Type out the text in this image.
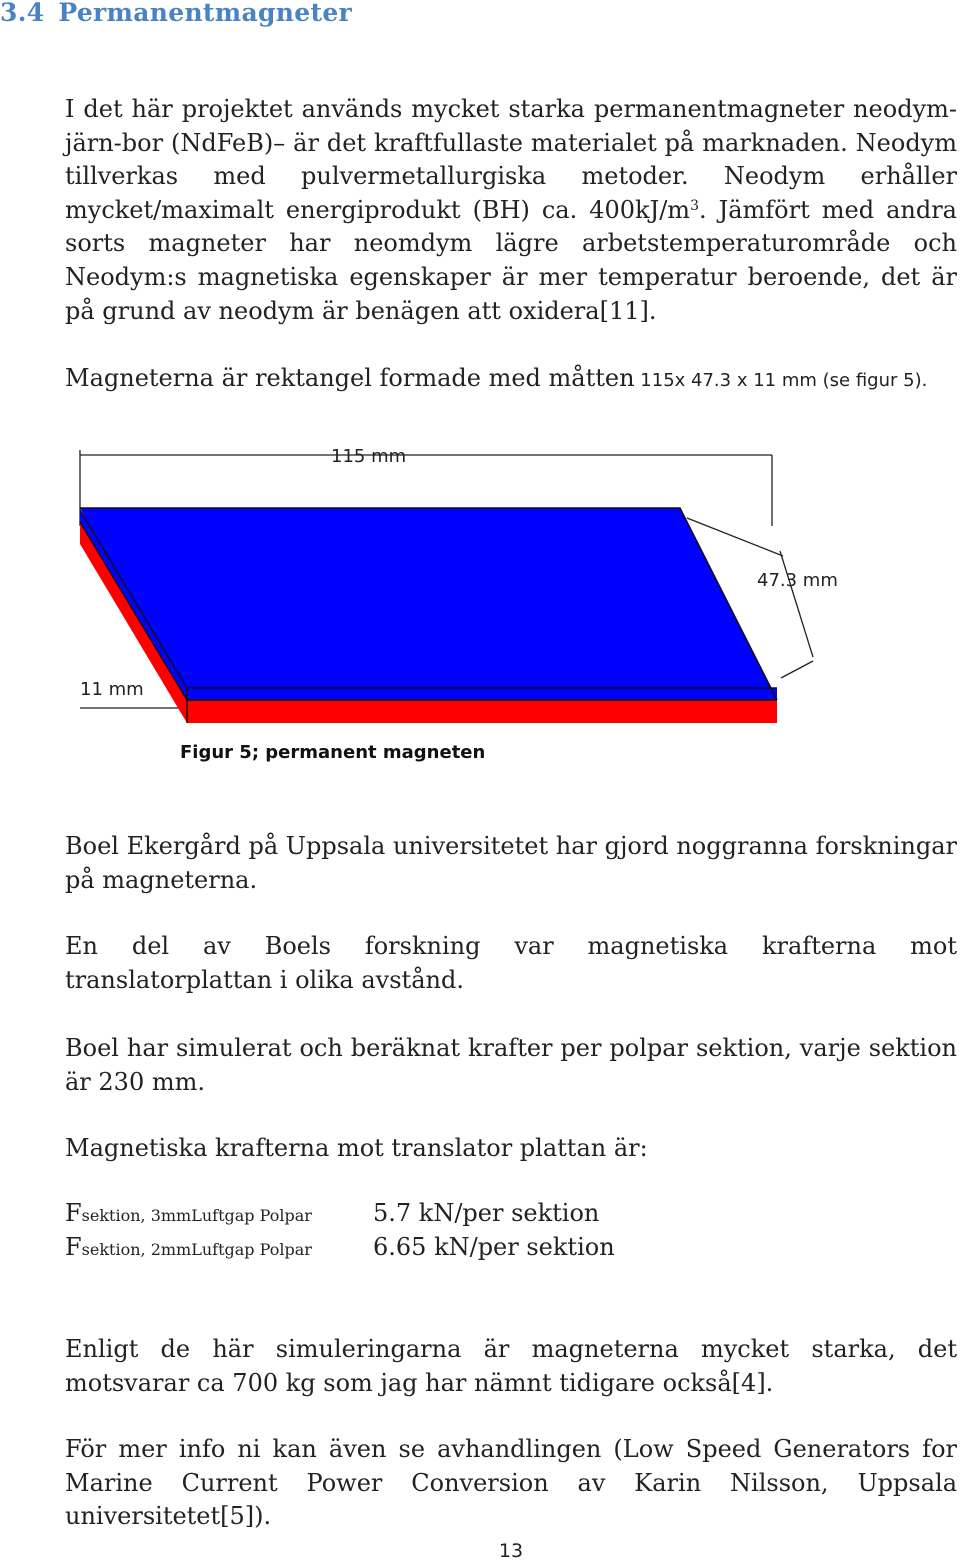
3.4 Permanentmagneter
I det här projektet används mycket starka permanentmagneter neodym-järn-bor (NdFeB)– är det kraftfullaste materialet på marknaden. Neodym tillverkas med pulvermetallurgiska metoder. Neodym erhåller mycket/maximalt energiprodukt (BH) ca. $400kJ/m^3$. Jämfört med andra sorts magneter har neomdym lägre arbetstemperaturområde och Neodym:s magnetiska egenskaper är mer temperatur beroende, det är på grund av neodym är benägen att oxidera[11].
Magneterna är rektangel formade med måtten 115x 47.3 x 11 mm (se figur 5).
115 mm
47.3 mm
11 mm
Figur 5; permanent magneten
Boel Ekergård på Uppsala universitetet har gjord noggranna forskningar på magneterna.
En del av Boels forskning var magnetiska krafterna mot translatorplattan i olika avstånd.
Boel har simulerat och beräknat krafter per polpar sektion, varje sektion är 230 mm.
Magnetiska krafterna mot translator plattan är:
Fsektion, 3mmLuftgap Polpar	5.7 kN/per sektion
Fsektion, 2mmLuftgap Polpar	6.65 kN/per sektion
Enligt de här simuleringarna är magneterna mycket starka, det motsvarar ca 700 kg som jag har nämnt tidigare också[4].
För mer info ni kan även se avhandlingen (Low Speed Generators for Marine Current Power Conversion av Karin Nilsson, Uppsala universitetet[5]).
13
